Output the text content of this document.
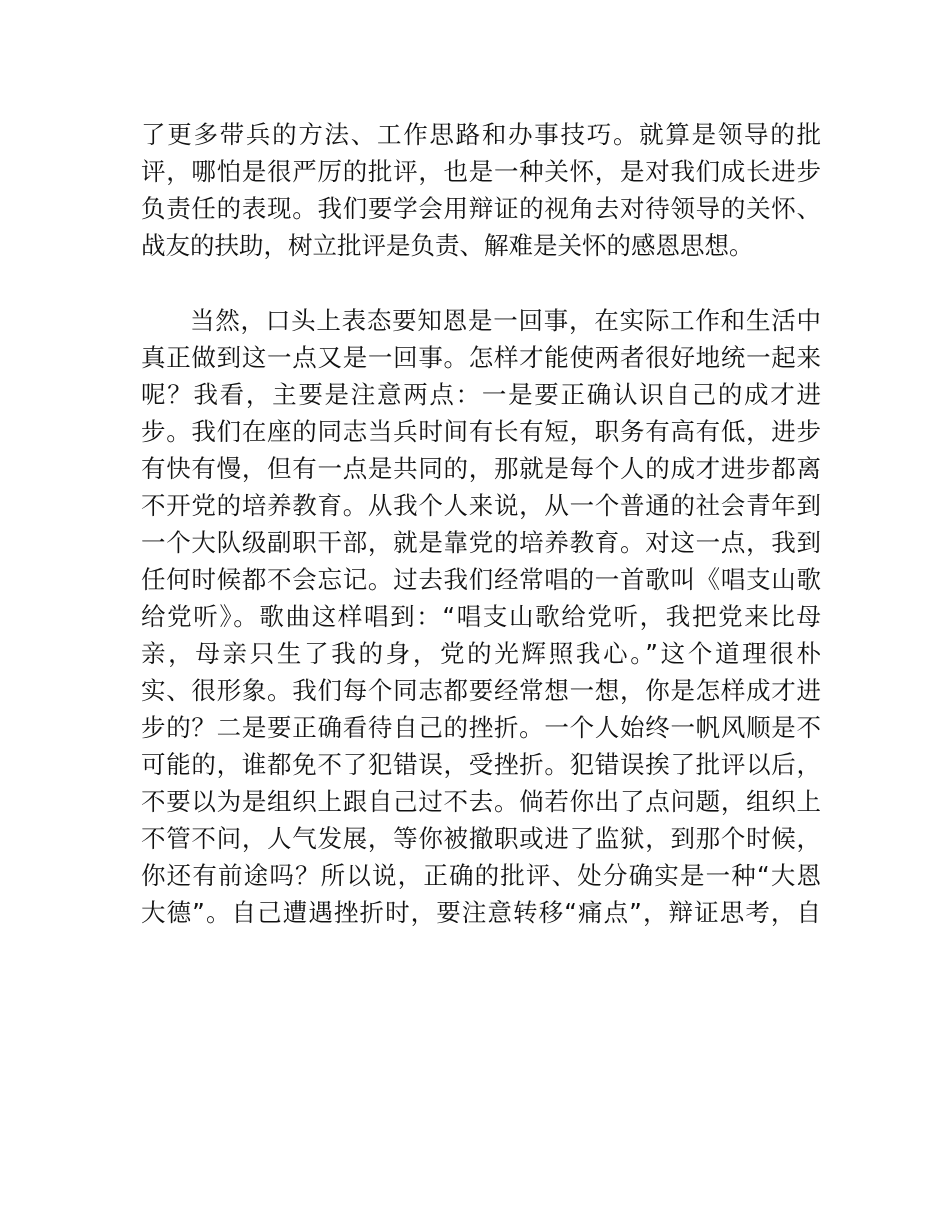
了更多带兵的方法、工作思路和办事技巧。就算是领导的批
评，哪怕是很严厉的批评，也是一种关怀，是对我们成长进步
负责任的表现。我们要学会用辩证的视角去对待领导的关怀、
战友的扶助，树立批评是负责、解难是关怀的感恩思想。
当然，口头上表态要知恩是一回事，在实际工作和生活中
真正做到这一点又是一回事。怎样才能使两者很好地统一起来
呢？我看，主要是注意两点：一是要正确认识自己的成才进
步。我们在座的同志当兵时间有长有短，职务有高有低，进步
有快有慢，但有一点是共同的，那就是每个人的成才进步都离
不开党的培养教育。从我个人来说，从一个普通的社会青年到
一个大队级副职干部，就是靠党的培养教育。对这一点，我到
任何时候都不会忘记。过去我们经常唱的一首歌叫《唱支山歌
给党听》。歌曲这样唱到：“唱支山歌给党听，我把党来比母
亲，母亲只生了我的身，党的光辉照我心。”这个道理很朴
实、很形象。我们每个同志都要经常想一想，你是怎样成才进
步的？二是要正确看待自己的挫折。一个人始终一帆风顺是不
可能的，谁都免不了犯错误，受挫折。犯错误挨了批评以后，
不要以为是组织上跟自己过不去。倘若你出了点问题，组织上
不管不问，人气发展，等你被撤职或进了监狱，到那个时候，
你还有前途吗？所以说，正确的批评、处分确实是一种“大恩
大德”。自己遭遇挫折时，要注意转移“痛点”，辩证思考，自
